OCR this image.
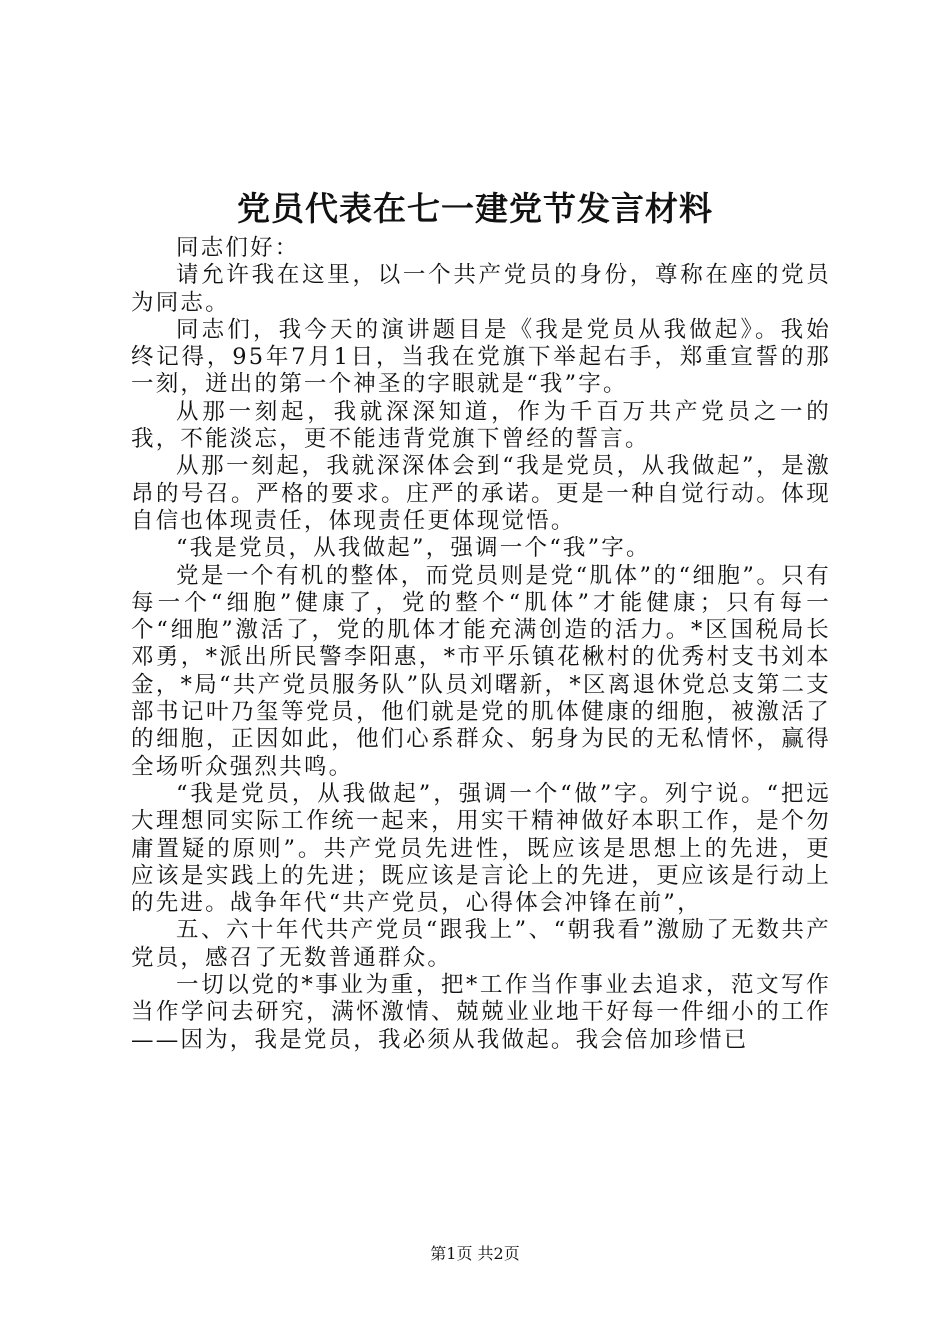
党员代表在七一建党节发言材料

同志们好：

请允许我在这里，以一个共产党员的身份，尊称在座的党员为同志。

同志们，我今天的演讲题目是《我是党员从我做起》。我始终记得，95年7月1日，当我在党旗下举起右手，郑重宣誓的那一刻，迸出的第一个神圣的字眼就是“我”字。

从那一刻起，我就深深知道，作为千百万共产党员之一的我，不能淡忘，更不能违背党旗下曾经的誓言。

从那一刻起，我就深深体会到“我是党员，从我做起”，是激昂的号召。严格的要求。庄严的承诺。更是一种自觉行动。体现自信也体现责任，体现责任更体现觉悟。

“我是党员，从我做起”，强调一个“我”字。

党是一个有机的整体，而党员则是党“肌体”的“细胞”。只有每一个“细胞”健康了，党的整个“肌体”才能健康；只有每一个“细胞”激活了，党的肌体才能充满创造的活力。*区国税局长邓勇，*派出所民警李阳惠，*市平乐镇花楸村的优秀村支书刘本金，*局“共产党员服务队”队员刘曙新，*区离退休党总支第二支部书记叶乃玺等党员，他们就是党的肌体健康的细胞，被激活了的细胞，正因如此，他们心系群众、躬身为民的无私情怀，赢得全场听众强烈共鸣。

“我是党员，从我做起”，强调一个“做”字。列宁说。“把远大理想同实际工作统一起来，用实干精神做好本职工作，是个勿庸置疑的原则”。共产党员先进性，既应该是思想上的先进，更应该是实践上的先进；既应该是言论上的先进，更应该是行动上的先进。战争年代“共产党员，心得体会冲锋在前”，

五、六十年代共产党员“跟我上”、“朝我看”激励了无数共产党员，感召了无数普通群众。

一切以党的*事业为重，把*工作当作事业去追求，范文写作当作学问去研究，满怀激情、兢兢业业地干好每一件细小的工作——因为，我是党员，我必须从我做起。我会倍加珍惜已

第1页 共2页
